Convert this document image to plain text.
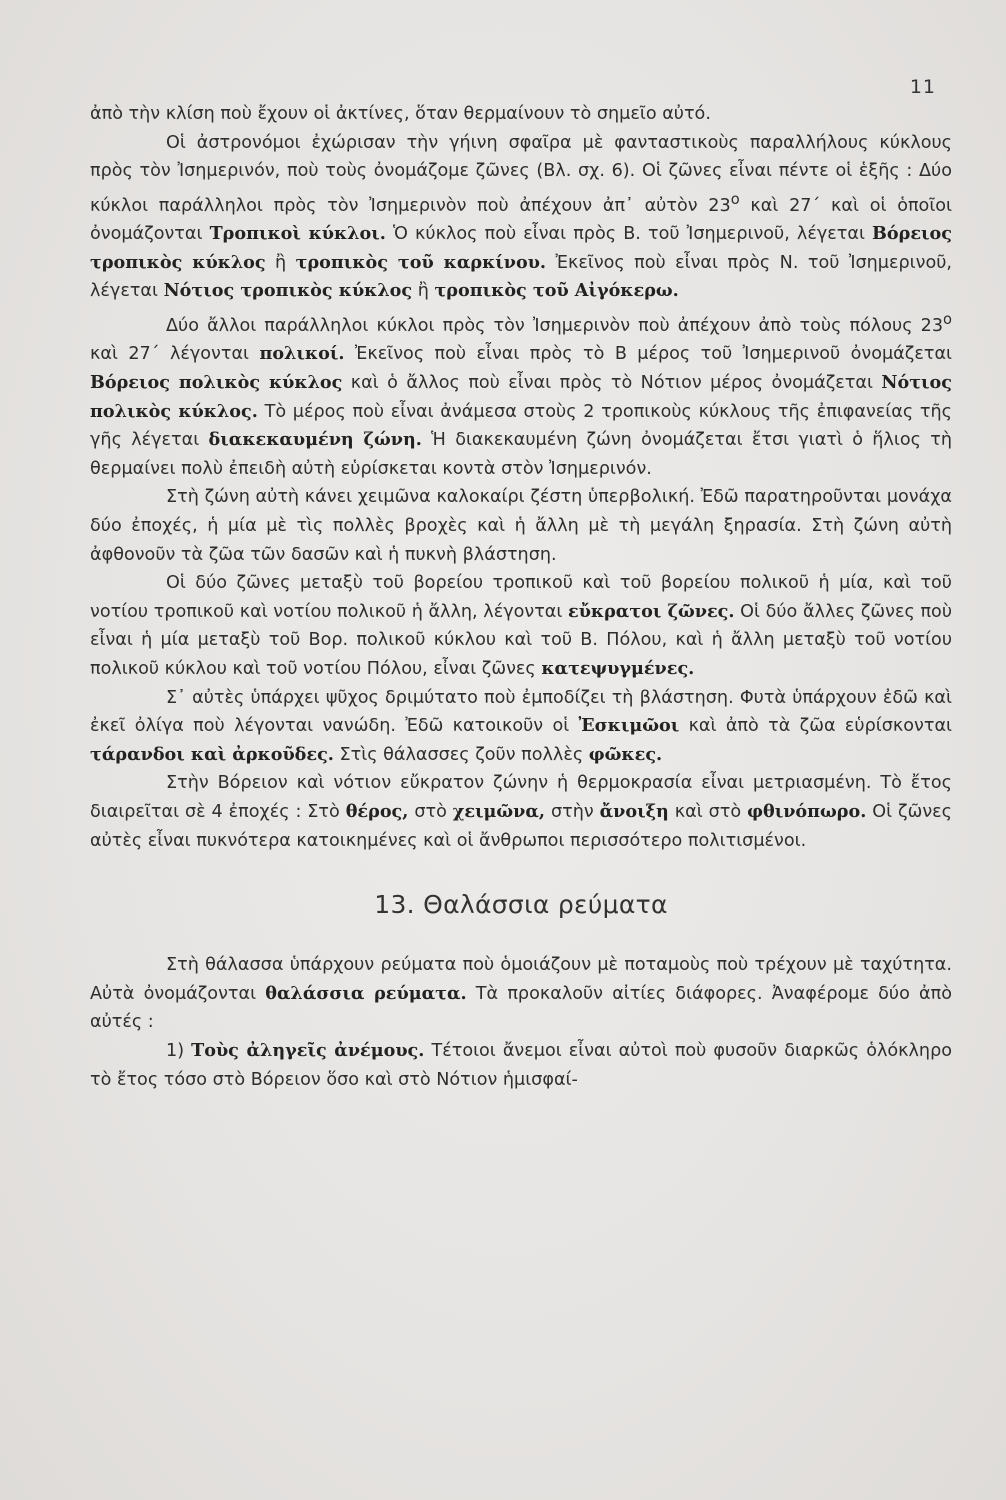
11

ἀπὸ τὴν κλίση ποὺ ἔχουν οἱ ἀκτίνες, ὅταν θερμαίνουν τὸ σημεῖο αὐτό.

Οἱ ἀστρονόμοι ἐχώρισαν τὴν γήινη σφαῖρα μὲ φανταστικοὺς παραλλήλους κύκλους πρὸς τὸν Ἰσημερινόν, ποὺ τοὺς ὀνομάζομε ζῶνες (Βλ. σχ. 6). Οἱ ζῶνες εἶναι πέντε οἱ ἑξῆς : Δύο κύκλοι παράλληλοι πρὸς τὸν Ἰσημερινὸν ποὺ ἀπέχουν ἀπ᾽ αὐτὸν $23^o$ καὶ 27΄ καὶ οἱ ὁποῖοι ὀνομάζονται Τροπικοὶ κύκλοι. Ὁ κύκλος ποὺ εἶναι πρὸς Β. τοῦ Ἰσημερινοῦ, λέγεται Βόρειος τροπικὸς κύκλος ἢ τροπικὸς τοῦ καρκίνου. Ἐκεῖνος ποὺ εἶναι πρὸς Ν. τοῦ Ἰσημερινοῦ, λέγεται Νότιος τροπικὸς κύκλος ἢ τροπικὸς τοῦ Αἰγόκερω.

Δύο ἄλλοι παράλληλοι κύκλοι πρὸς τὸν Ἰσημερινὸν ποὺ ἀπέχουν ἀπὸ τοὺς πόλους $23^o$ καὶ 27΄ λέγονται πολικοί. Ἐκεῖνος ποὺ εἶναι πρὸς τὸ Β μέρος τοῦ Ἰσημερινοῦ ὀνομάζεται Βόρειος πολικὸς κύκλος καὶ ὁ ἄλλος ποὺ εἶναι πρὸς τὸ Νότιον μέρος ὀνομάζεται Νότιος πολικὸς κύκλος. Τὸ μέρος ποὺ εἶναι ἀνάμεσα στοὺς 2 τροπικοὺς κύκλους τῆς ἐπιφανείας τῆς γῆς λέγεται διακεκαυμένη ζώνη. Ἡ διακεκαυμένη ζώνη ὀνομάζεται ἔτσι γιατὶ ὁ ἥλιος τὴ θερμαίνει πολὺ ἐπειδὴ αὐτὴ εὑρίσκεται κοντὰ στὸν Ἰσημερινόν.

Στὴ ζώνη αὐτὴ κάνει χειμῶνα καλοκαίρι ζέστη ὑπερβολική. Ἐδῶ παρατηροῦνται μονάχα δύο ἐποχές, ἡ μία μὲ τὶς πολλὲς βροχὲς καὶ ἡ ἄλλη μὲ τὴ μεγάλη ξηρασία. Στὴ ζώνη αὐτὴ ἀφθονοῦν τὰ ζῶα τῶν δασῶν καὶ ἡ πυκνὴ βλάστηση.

Οἱ δύο ζῶνες μεταξὺ τοῦ βορείου τροπικοῦ καὶ τοῦ βορείου πολικοῦ ἡ μία, καὶ τοῦ νοτίου τροπικοῦ καὶ νοτίου πολικοῦ ἡ ἄλλη, λέγονται εὔκρατοι ζῶνες. Οἱ δύο ἄλλες ζῶνες ποὺ εἶναι ἡ μία μεταξὺ τοῦ Βορ. πολικοῦ κύκλου καὶ τοῦ Β. Πόλου, καὶ ἡ ἄλλη μεταξὺ τοῦ νοτίου πολικοῦ κύκλου καὶ τοῦ νοτίου Πόλου, εἶναι ζῶνες κατεψυγμένες.

Σ᾽ αὐτὲς ὑπάρχει ψῦχος δριμύτατο ποὺ ἐμποδίζει τὴ βλάστηση. Φυτὰ ὑπάρχουν ἐδῶ καὶ ἐκεῖ ὀλίγα ποὺ λέγονται νανώδη. Ἐδῶ κατοικοῦν οἱ Ἐσκιμῶοι καὶ ἀπὸ τὰ ζῶα εὑρίσκονται τάρανδοι καὶ ἀρκοῦδες. Στὶς θάλασσες ζοῦν πολλὲς φῶκες.

Στὴν Βόρειον καὶ νότιον εὔκρατον ζώνην ἡ θερμοκρασία εἶναι μετριασμένη. Τὸ ἔτος διαιρεῖται σὲ 4 ἐποχές : Στὸ θέρος, στὸ χειμῶνα, στὴν ἄνοιξη καὶ στὸ φθινόπωρο. Οἱ ζῶνες αὐτὲς εἶναι πυκνότερα κατοικημένες καὶ οἱ ἄνθρωποι περισσότερο πολιτισμένοι.

13. Θαλάσσια ρεύματα

Στὴ θάλασσα ὑπάρχουν ρεύματα ποὺ ὁμοιάζουν μὲ ποταμοὺς ποὺ τρέχουν μὲ ταχύτητα. Αὐτὰ ὀνομάζονται θαλάσσια ρεύματα. Τὰ προκαλοῦν αἰτίες διάφορες. Ἀναφέρομε δύο ἀπὸ αὐτές :

1) Τοὺς ἀληγεῖς ἀνέμους. Τέτοιοι ἄνεμοι εἶναι αὐτοὶ ποὺ φυσοῦν διαρκῶς ὁλόκληρο τὸ ἔτος τόσο στὸ Βόρειον ὅσο καὶ στὸ Νότιον ἡμισφαί-
